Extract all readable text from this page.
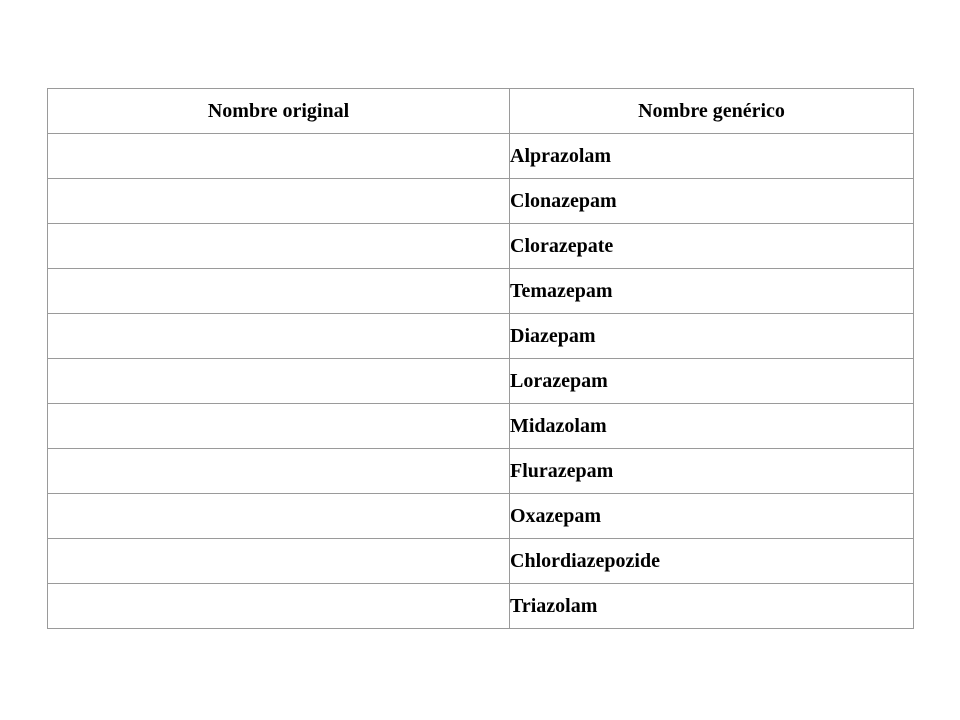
Nombre original	Nombre genérico
	Alprazolam
	Clonazepam
	Clorazepate
	Temazepam
	Diazepam
	Lorazepam
	Midazolam
	Flurazepam
	Oxazepam
	Chlordiazepozide
	Triazolam
